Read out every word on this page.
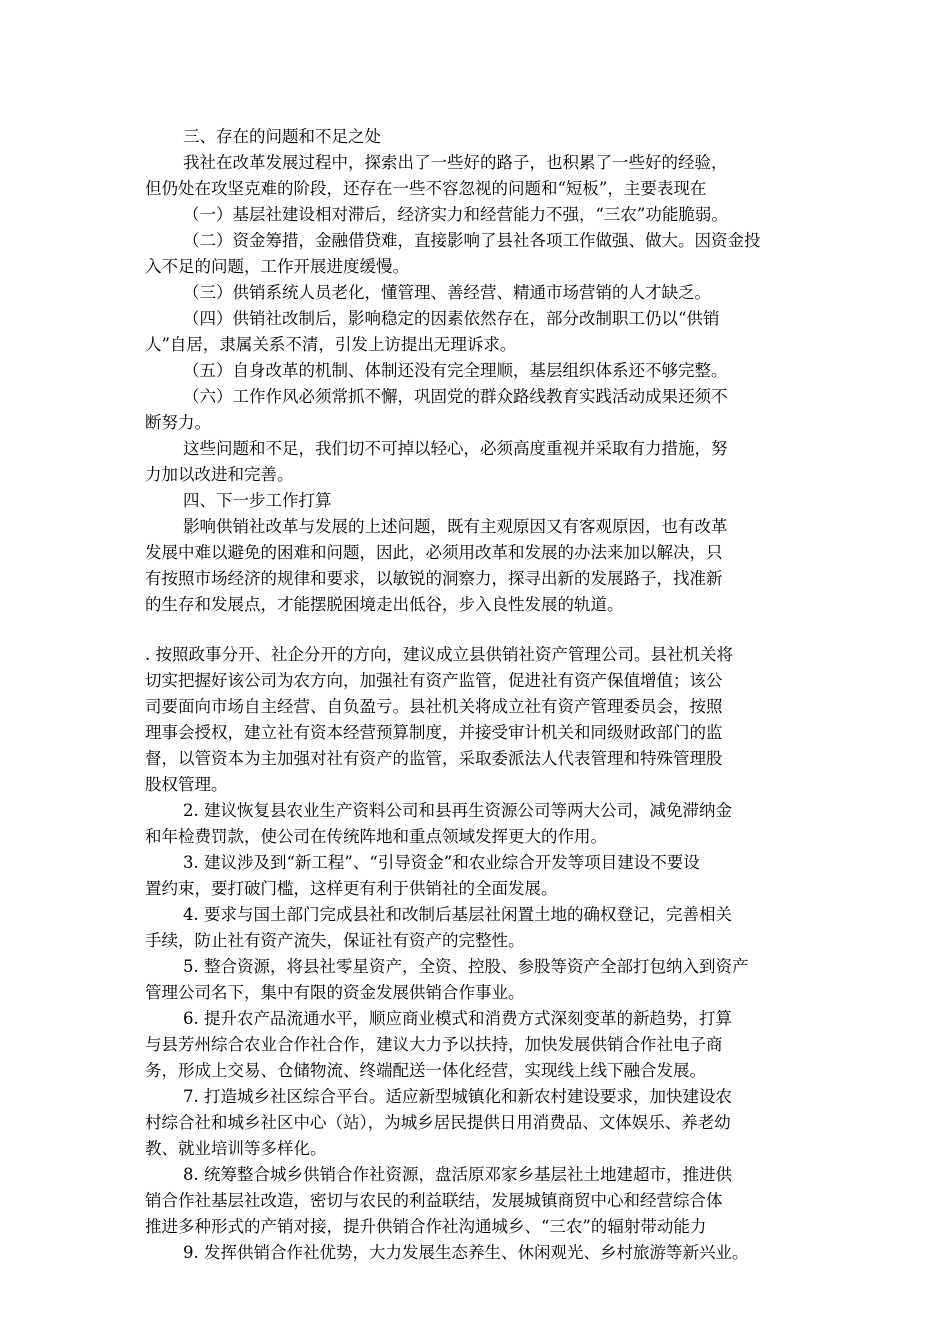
三、存在的问题和不足之处
我社在改革发展过程中，探索出了一些好的路子，也积累了一些好的经验，
但仍处在攻坚克难的阶段，还存在一些不容忽视的问题和“短板”，主要表现在
（一）基层社建设相对滞后，经济实力和经营能力不强，“三农”功能脆弱。
（二）资金筹措，金融借贷难，直接影响了县社各项工作做强、做大。因资金投
入不足的问题，工作开展进度缓慢。
（三）供销系统人员老化，懂管理、善经营、精通市场营销的人才缺乏。
（四）供销社改制后，影响稳定的因素依然存在，部分改制职工仍以“供销
人”自居，隶属关系不清，引发上访提出无理诉求。
（五）自身改革的机制、体制还没有完全理顺，基层组织体系还不够完整。
（六）工作作风必须常抓不懈，巩固党的群众路线教育实践活动成果还须不
断努力。
这些问题和不足，我们切不可掉以轻心，必须高度重视并采取有力措施，努
力加以改进和完善。
四、下一步工作打算
影响供销社改革与发展的上述问题，既有主观原因又有客观原因，也有改革
发展中难以避免的困难和问题，因此，必须用改革和发展的办法来加以解决，只
有按照市场经济的规律和要求，以敏锐的洞察力，探寻出新的发展路子，找准新
的生存和发展点，才能摆脱困境走出低谷，步入良性发展的轨道。
. 按照政事分开、社企分开的方向，建议成立县供销社资产管理公司。县社机关将
切实把握好该公司为农方向，加强社有资产监管，促进社有资产保值增值；该公
司要面向市场自主经营、自负盈亏。县社机关将成立社有资产管理委员会，按照
理事会授权，建立社有资本经营预算制度，并接受审计机关和同级财政部门的监
督，以管资本为主加强对社有资产的监管，采取委派法人代表管理和特殊管理股
股权管理。
2. 建议恢复县农业生产资料公司和县再生资源公司等两大公司，减免滞纳金
和年检费罚款，使公司在传统阵地和重点领域发挥更大的作用。
3. 建议涉及到“新工程”、“引导资金”和农业综合开发等项目建设不要设
置约束，要打破门槛，这样更有利于供销社的全面发展。
4. 要求与国土部门完成县社和改制后基层社闲置土地的确权登记，完善相关
手续，防止社有资产流失，保证社有资产的完整性。
5. 整合资源，将县社零星资产，全资、控股、参股等资产全部打包纳入到资产
管理公司名下，集中有限的资金发展供销合作事业。
6. 提升农产品流通水平，顺应商业模式和消费方式深刻变革的新趋势，打算
与县芳州综合农业合作社合作，建议大力予以扶持，加快发展供销合作社电子商
务，形成上交易、仓储物流、终端配送一体化经营，实现线上线下融合发展。
7. 打造城乡社区综合平台。适应新型城镇化和新农村建设要求，加快建设农
村综合社和城乡社区中心（站），为城乡居民提供日用消费品、文体娱乐、养老幼
教、就业培训等多样化。
8. 统筹整合城乡供销合作社资源，盘活原邓家乡基层社土地建超市，推进供
销合作社基层社改造，密切与农民的利益联结，发展城镇商贸中心和经营综合体
推进多种形式的产销对接，提升供销合作社沟通城乡、“三农”的辐射带动能力
9. 发挥供销合作社优势，大力发展生态养生、休闲观光、乡村旅游等新兴业。
